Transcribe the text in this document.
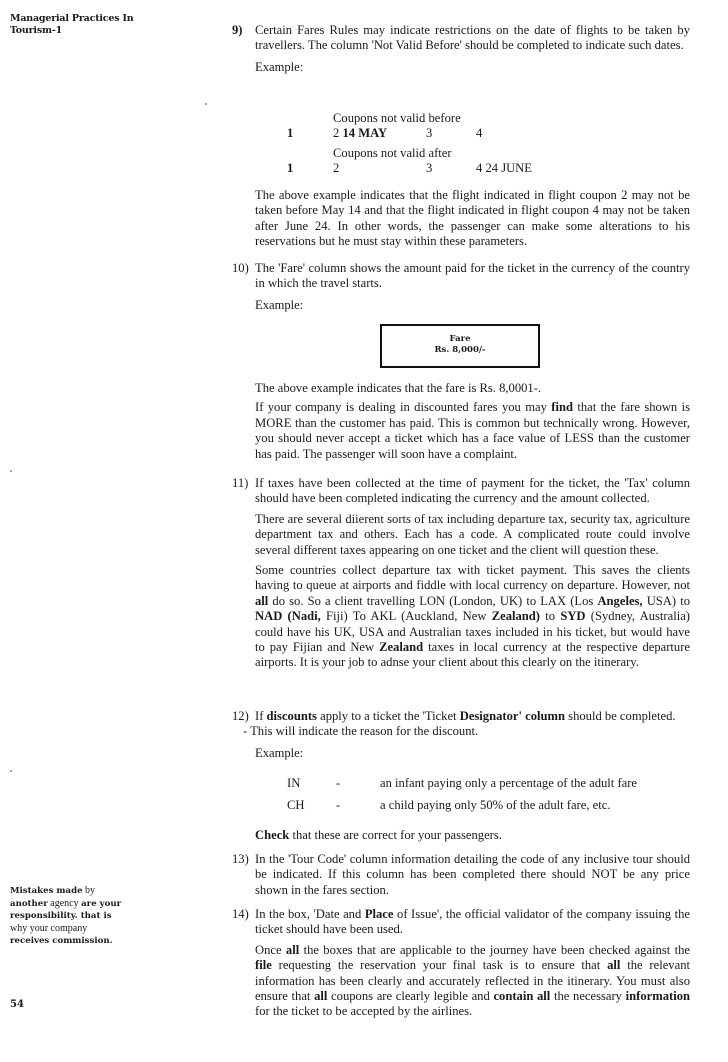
Managerial Practices In
Tourism-1	9) Certain Fares Rules may indicate restrictions on the date of flights to be taken by travellers. The column 'Not Valid Before' should be completed to indicate such dates.

Example:

Coupons not valid before
1	2 14 MAY	3	4
Coupons not valid after
1	2	3	4 24 JUNE

The above example indicates that the flight indicated in flight coupon 2 may not be taken before May 14 and that the flight indicated in flight coupon 4 may not be taken after June 24. In other words, the passenger can make some alterations to his reservations but he must stay within these parameters.

10) The 'Fare' column shows the amount paid for the ticket in the currency of the country in which the travel starts.

Example:

Fare
Rs. 8,000/-

The above example indicates that the fare is Rs. 8,0001-.

If your company is dealing in discounted fares you may find that the fare shown is MORE than the customer has paid. This is common but technically wrong. However, you should never accept a ticket which has a face value of LESS than the customer has paid. The passenger will soon have a complaint.

11) If taxes have been collected at the time of payment for the ticket, the 'Tax' column should have been completed indicating the currency and the amount collected.

There are several diierent sorts of tax including departure tax, security tax, agriculture department tax and others. Each has a code. A complicated route could involve several different taxes appearing on one ticket and the client will question these.

Some countries collect departure tax with ticket payment. This saves the clients having to queue at airports and fiddle with local currency on departure. However, not all do so. So a client travelling LON (London, UK) to LAX (Los Angeles, USA) to NAD (Nadi, Fiji) To AKL (Auckland, New Zealand) to SYD (Sydney, Australia) could have his UK, USA and Australian taxes included in his ticket, but would have to pay Fijian and New Zealand taxes in local currency at the respective departure airports. It is your job to adnse your client about this clearly on the itinerary.

12) If discounts apply to a ticket the 'Ticket Designator' column should be completed.

- This will indicate the reason for the discount.

Example:

IN	-	an infant paying only a percentage of the adult fare
CH	-	a child paying only 50% of the adult fare, etc.

Check that these are correct for your passengers.

13) In the 'Tour Code' column information detailing the code of any inclusive tour should be indicated. If this column has been completed there should NOT be any price shown in the fares section.

14) In the box, 'Date and Place of Issue', the official validator of the company issuing the ticket should have been used.

Once all the boxes that are applicable to the journey have been checked against the file requesting the reservation your final task is to ensure that all the relevant information has been clearly and accurately reflected in the itinerary. You must also ensure that all coupons are clearly legible and contain all the necessary information for the ticket to be accepted by the airlines.

Mistakes made by
another agency are your responsibility. that is
why your company
receives commission.
54
